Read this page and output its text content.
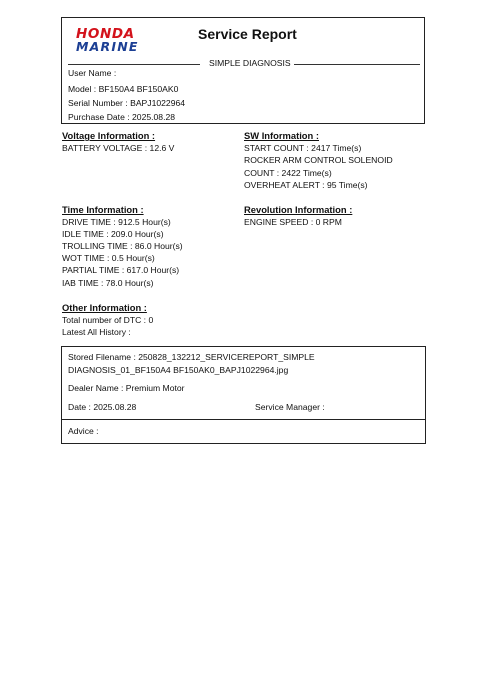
HONDA
MARINE
Service Report
SIMPLE DIAGNOSIS
User Name :
Model : BF150A4 BF150AK0
Serial Number : BAPJ1022964
Purchase Date : 2025.08.28
Voltage Information :
BATTERY VOLTAGE : 12.6 V
SW Information :
START COUNT : 2417 Time(s)
ROCKER ARM CONTROL SOLENOID
COUNT : 2422 Time(s)
OVERHEAT ALERT : 95 Time(s)
Time Information :
DRIVE TIME : 912.5 Hour(s)
IDLE TIME : 209.0 Hour(s)
TROLLING TIME : 86.0 Hour(s)
WOT TIME : 0.5 Hour(s)
PARTIAL TIME : 617.0 Hour(s)
IAB TIME : 78.0 Hour(s)
Revolution Information :
ENGINE SPEED : 0 RPM
Other Information :
Total number of DTC : 0
Latest All History :
Stored Filename : 250828_132212_SERVICEREPORT_SIMPLE
DIAGNOSIS_01_BF150A4 BF150AK0_BAPJ1022964.jpg
Dealer Name : Premium Motor
Date : 2025.08.28	Service Manager :
Advice :
